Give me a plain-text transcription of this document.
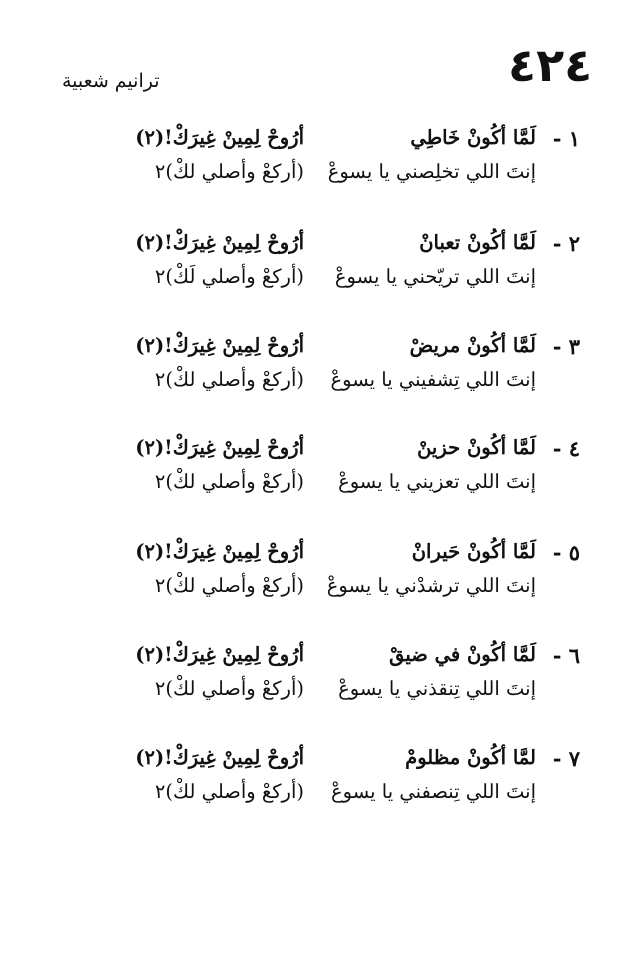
٤٢٤
ترانيم شعبية
١ -
لَمَّا أكُونْ خَاطِي
أرُوحْ لِمِينْ غِيرَكْ!(٢)
إنتَ اللي تخلِصني يا يسوعْ
(أركعْ وأصلي لكْ)٢
٢ -
لَمَّا أكُونْ تعبانْ
أرُوحْ لِمِينْ غِيرَكْ!(٢)
إنتَ اللي تريّحني يا يسوعْ
(أركعْ وأصلي لَكْ)٢
٣ -
لَمَّا أكُونْ مريضْ
أرُوحْ لِمِينْ غِيرَكْ!(٢)
إنتَ اللي تِشفيني يا يسوعْ
(أركعْ وأصلي لكْ)٢
٤ -
لَمَّا أكُونْ حزينْ
أرُوحْ لِمِينْ غِيرَكْ!(٢)
إنتَ اللي تعزيني يا يسوعْ
(أركعْ وأصلي لكْ)٢
٥ -
لَمَّا أكُونْ حَيرانْ
أرُوحْ لِمِينْ غِيرَكْ!(٢)
إنتَ اللي ترشدْني يا يسوعْ
(أركعْ وأصلي لكْ)٢
٦ -
لَمَّا أكُونْ في ضيقْ
أرُوحْ لِمِينْ غِيرَكْ!(٢)
إنتَ اللي تِنقذني يا يسوعْ
(أركعْ وأصلي لكْ)٢
٧ -
لمَّا أكُونْ مظلومْ
أرُوحْ لِمِينْ غِيرَكْ!(٢)
إنتَ اللي تِنصفني يا يسوعْ
(أركعْ وأصلي لكْ)٢
